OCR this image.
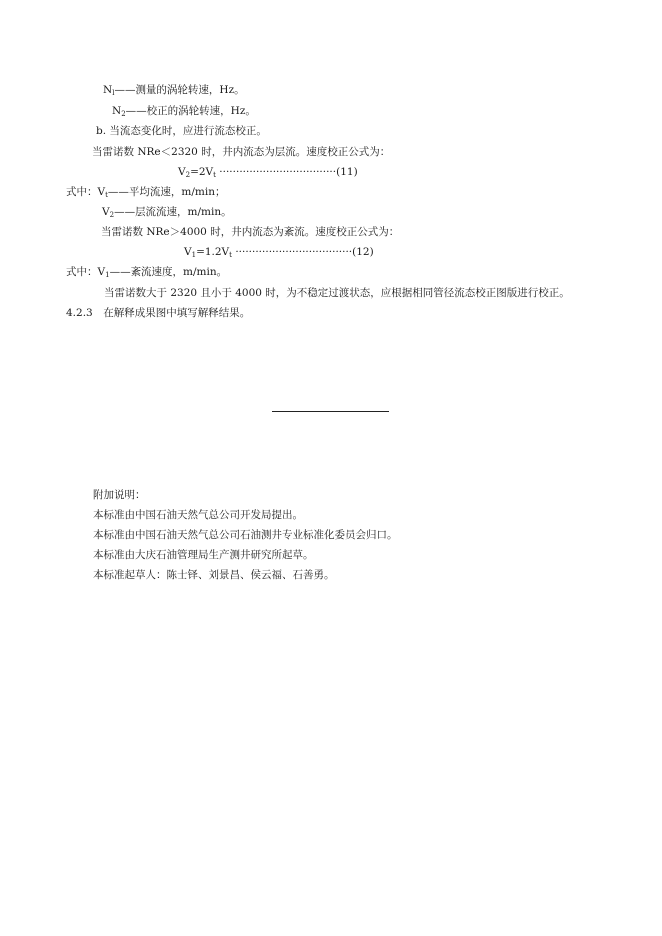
$N_l——$测量的涡轮转速，Hz。
$N_2——$校正的涡轮转速，Hz。
b. 当流态变化时，应进行流态校正。
当雷诺数 NRe＜2320 时，井内流态为层流。速度校正公式为：
$V_2=2V_t \cdot\cdot\cdot\cdot\cdot\cdot\cdot\cdot\cdot\cdot\cdot\cdot\cdot\cdot\cdot\cdot\cdot\cdot\cdot\cdot\cdot\cdot\cdot\cdot\cdot\cdot\cdot\cdot\cdot\cdot\cdot\cdot\cdot\cdot\cdot(11)$
式中：$V_t——$平均流速，m/min；
$V_2——$层流流速，m/min。
当雷诺数 NRe＞4000 时，井内流态为紊流。速度校正公式为：
$V_1=1.2V_t \cdot\cdot\cdot\cdot\cdot\cdot\cdot\cdot\cdot\cdot\cdot\cdot\cdot\cdot\cdot\cdot\cdot\cdot\cdot\cdot\cdot\cdot\cdot\cdot\cdot\cdot\cdot\cdot\cdot\cdot\cdot\cdot\cdot\cdot\cdot(12)$
式中：$V_1——$紊流速度，m/min。
当雷诺数大于 2320 且小于 4000 时，为不稳定过渡状态，应根据相同管径流态校正图版进行校正。
4.2.3　在解释成果图中填写解释结果。
附加说明：
本标准由中国石油天然气总公司开发局提出。
本标准由中国石油天然气总公司石油测井专业标准化委员会归口。
本标准由大庆石油管理局生产测井研究所起草。
本标准起草人：陈士铎、刘景昌、侯云福、石善勇。
